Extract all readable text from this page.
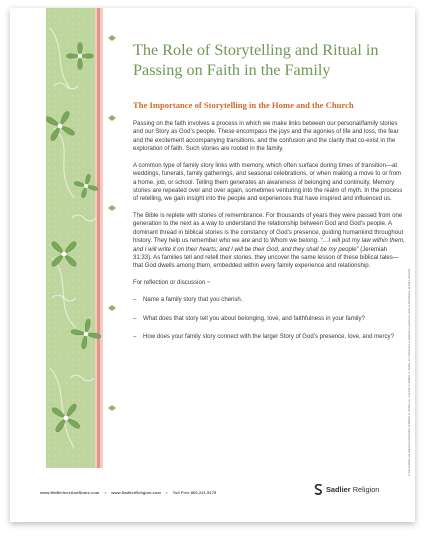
The Role of Storytelling and Ritual in Passing on Faith in the Family
The Importance of Storytelling in the Home and the Church

Passing on the faith involves a process in which we make links between our personal/family stories and our Story as God’s people. These encompass the joys and the agonies of life and loss, the fear and the excitement accompanying transitions, and the confusion and the clarity that co-exist in the exploration of faith. Such stories are rooted in the family.

A common type of family story links with memory, which often surface during times of transition—at weddings, funerals, family gatherings, and seasonal celebrations, or when making a move to or from a home, job, or school. Telling them generates an awareness of belonging and continuity. Memory stories are repeated over and over again, sometimes venturing into the realm of myth. In the process of retelling, we gain insight into the people and experiences that have inspired and influenced us.

The Bible is replete with stories of remembrance. For thousands of years they were passed from one generation to the next as a way to understand the relationship between God and God’s people. A dominant thread in biblical stories is the constancy of God’s presence, guiding humankind throughout history. They help us remember who we are and to Whom we belong. “…I will put my law within them, and I will write it on their hearts; and I will be their God, and they shall be my people” (Jeremiah 31:33). As families tell and retell their stories, they uncover the same lesson of these biblical tales—that God dwells among them, embedded within every family experience and relationship.

For reflection or discussion ~

– Name a family story that you cherish.
– What does that story tell you about belonging, love, and faithfulness in your family?
– How does your family story connect with the larger Story of God’s presence, love, and mercy?	® and Sadlier® are registered trademarks of William H. Sadlier, Inc. Copyright © William H. Sadlier, Inc. Permission to duplicate is granted to users of We Believe. All rights reserved.
www.WeBelieveAndShare.com • www.SadlierReligion.com • Toll Free 800-221-5175	Sadlier Religion
